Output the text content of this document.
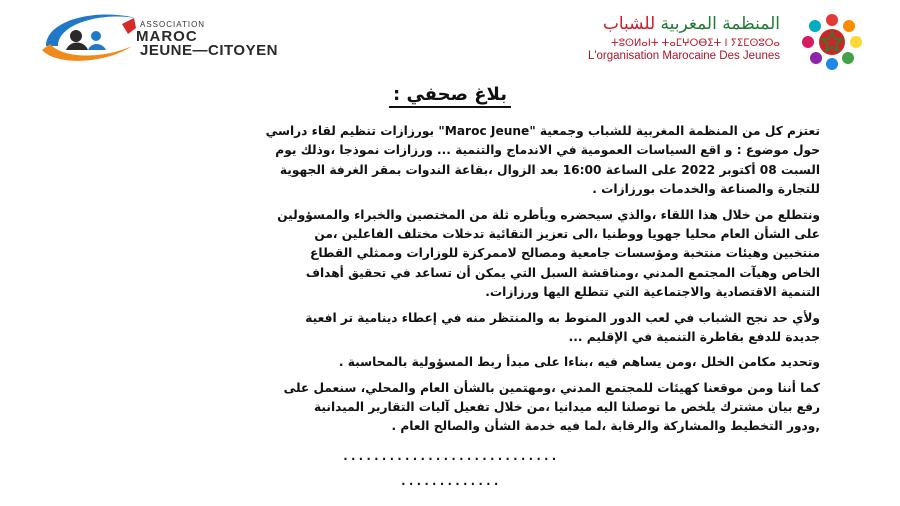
ASSOCIATION
MAROC
JEUNE—CITOYEN
المنظمة المغربية للشباب
ⵜⵓⵙⵍⴰⵏⵜ ⵜⴰⵎⵖⵔⴱⵉⵜ ⵏ ⵢⵉⵎⵙⵓⵔⴰ
L'organisation Marocaine Des Jeunes
بلاغ صحفي :
تعتزم كل من المنظمة المغربية للشباب وجمعية "Maroc Jeune" بورزازات تنظيم لقاء دراسي
حول موضوع : و اقع السياسات العمومية في الاندماج والتنمية ... ورزازات نموذجا ،وذلك يوم
السبت 08 أكتوبر 2022 على الساعة 16:00 بعد الزوال ،بقاعة الندوات بمقر الغرفة الجهوية
للتجارة والصناعة والخدمات بورزازات .
ونتطلع من خلال هذا اللقاء ،والذي سيحضره ويأطره ثلة من المختصين والخبراء والمسؤولين
على الشأن العام محليا جهويا ووطنيا ،الى تعزيز التقائية تدخلات مختلف الفاعلين ،من
منتخبين وهيئات منتخبة ومؤسسات جامعية ومصالح لاممركزة للوزارات وممثلي القطاع
الخاص وهيآت المجتمع المدني ،ومناقشة السبل التي يمكن أن تساعد في تحقيق أهداف
التنمية الاقتصادية والاجتماعية التي تتطلع اليها ورزازات.
ولأي حد نجح الشباب في لعب الدور المنوط به والمنتظر منه في إعطاء دينامية تر افعية
جديدة للدفع بقاطرة التنمية في الإقليم ...
وتحديد مكامن الخلل ،ومن يساهم فيه ،بناءا على مبدأ ربط المسؤولية بالمحاسبة .
كما أننا ومن موقعنا كهيئات للمجتمع المدني ،ومهتمين بالشأن العام والمحلي، سنعمل على
رفع بيان مشترك يلخص ما توصلنا اليه ميدانيا ،من خلال تفعيل آليات التقارير الميدانية
,ودور التخطيط والمشاركة والرقابة ،لما فيه خدمة الشأن والصالح العام .
............................
.............
